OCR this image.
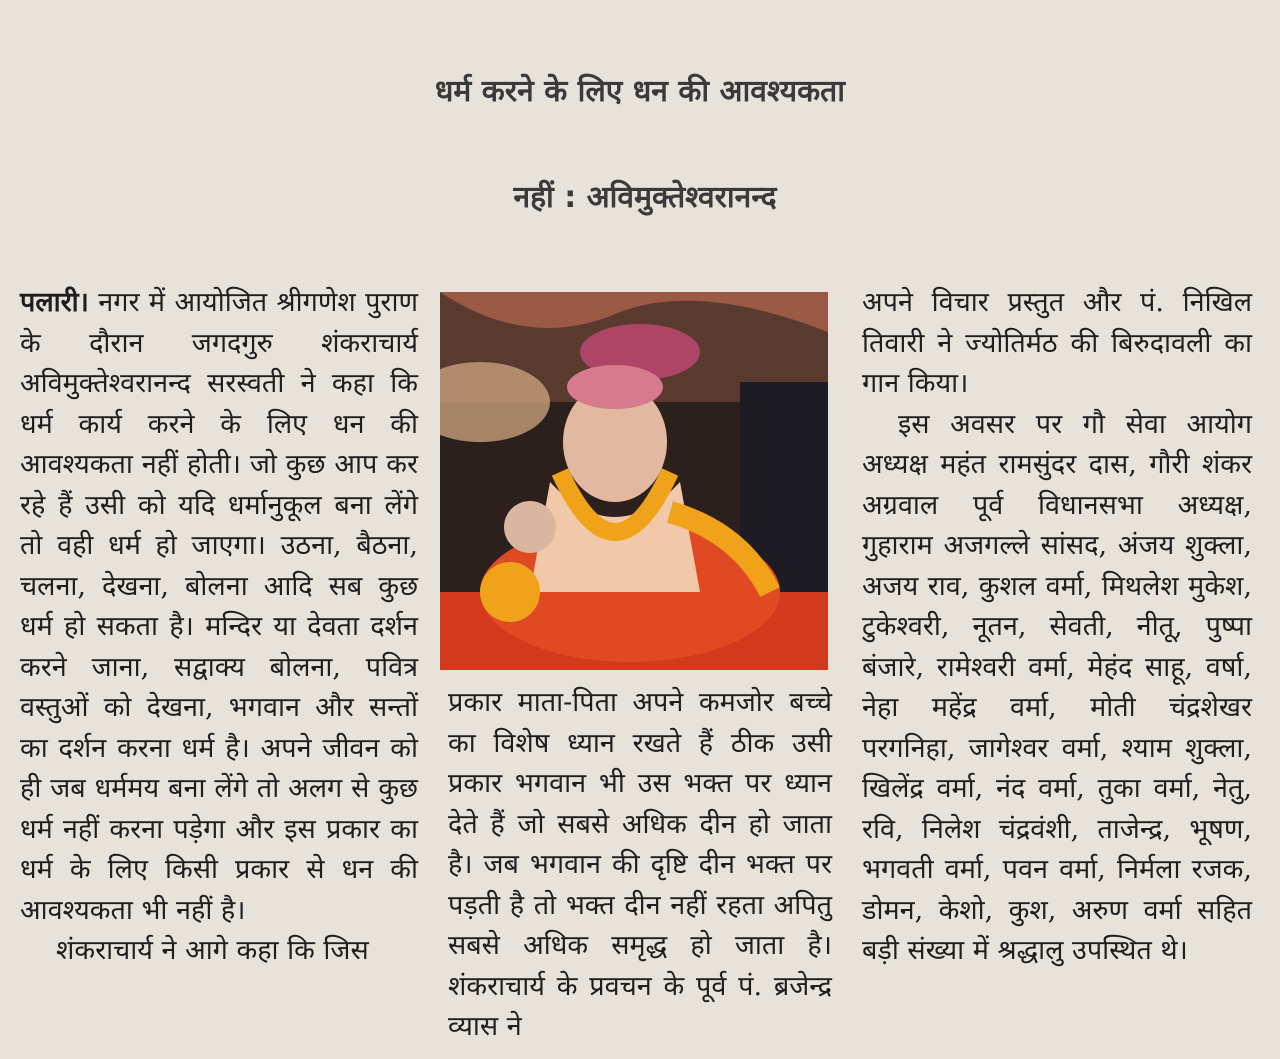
धर्म करने के लिए धन की आवश्यकता
नहीं : अविमुक्तेश्वरानन्द

पलारी। नगर में आयोजित श्रीगणेश पुराण के दौरान जगदगुरु शंकराचार्य अविमुक्तेश्वरानन्द सरस्वती ने कहा कि धर्म कार्य करने के लिए धन की आवश्यकता नहीं होती। जो कुछ आप कर रहे हैं उसी को यदि धर्मानुकूल बना लेंगे तो वही धर्म हो जाएगा। उठना, बैठना, चलना, देखना, बोलना आदि सब कुछ धर्म हो सकता है। मन्दिर या देवता दर्शन करने जाना, सद्वाक्य बोलना, पवित्र वस्तुओं को देखना, भगवान और सन्तों का दर्शन करना धर्म है। अपने जीवन को ही जब धर्ममय बना लेंगे तो अलग से कुछ धर्म नहीं करना पड़ेगा और इस प्रकार का धर्म के लिए किसी प्रकार से धन की आवश्यकता भी नहीं है।

शंकराचार्य ने आगे कहा कि जिस

प्रकार माता-पिता अपने कमजोर बच्चे का विशेष ध्यान रखते हैं ठीक उसी प्रकार भगवान भी उस भक्त पर ध्यान देते हैं जो सबसे अधिक दीन हो जाता है। जब भगवान की दृष्टि दीन भक्त पर पड़ती है तो भक्त दीन नहीं रहता अपितु सबसे अधिक समृद्ध हो जाता है। शंकराचार्य के प्रवचन के पूर्व पं. ब्रजेन्द्र व्यास ने

अपने विचार प्रस्तुत और पं. निखिल तिवारी ने ज्योतिर्मठ की बिरुदावली का गान किया।

इस अवसर पर गौ सेवा आयोग अध्यक्ष महंत रामसुंदर दास, गौरी शंकर अग्रवाल पूर्व विधानसभा अध्यक्ष, गुहाराम अजगल्ले सांसद, अंजय शुक्ला, अजय राव, कुशल वर्मा, मिथलेश मुकेश, टुकेश्वरी, नूतन, सेवती, नीतू, पुष्पा बंजारे, रामेश्वरी वर्मा, मेहंद साहू, वर्षा, नेहा महेंद्र वर्मा, मोती चंद्रशेखर परगनिहा, जागेश्वर वर्मा, श्याम शुक्ला, खिलेंद्र वर्मा, नंद वर्मा, तुका वर्मा, नेतु, रवि, निलेश चंद्रवंशी, ताजेन्द्र, भूषण, भगवती वर्मा, पवन वर्मा, निर्मला रजक, डोमन, केशो, कुश, अरुण वर्मा सहित बड़ी संख्या में श्रद्धालु उपस्थित थे।
